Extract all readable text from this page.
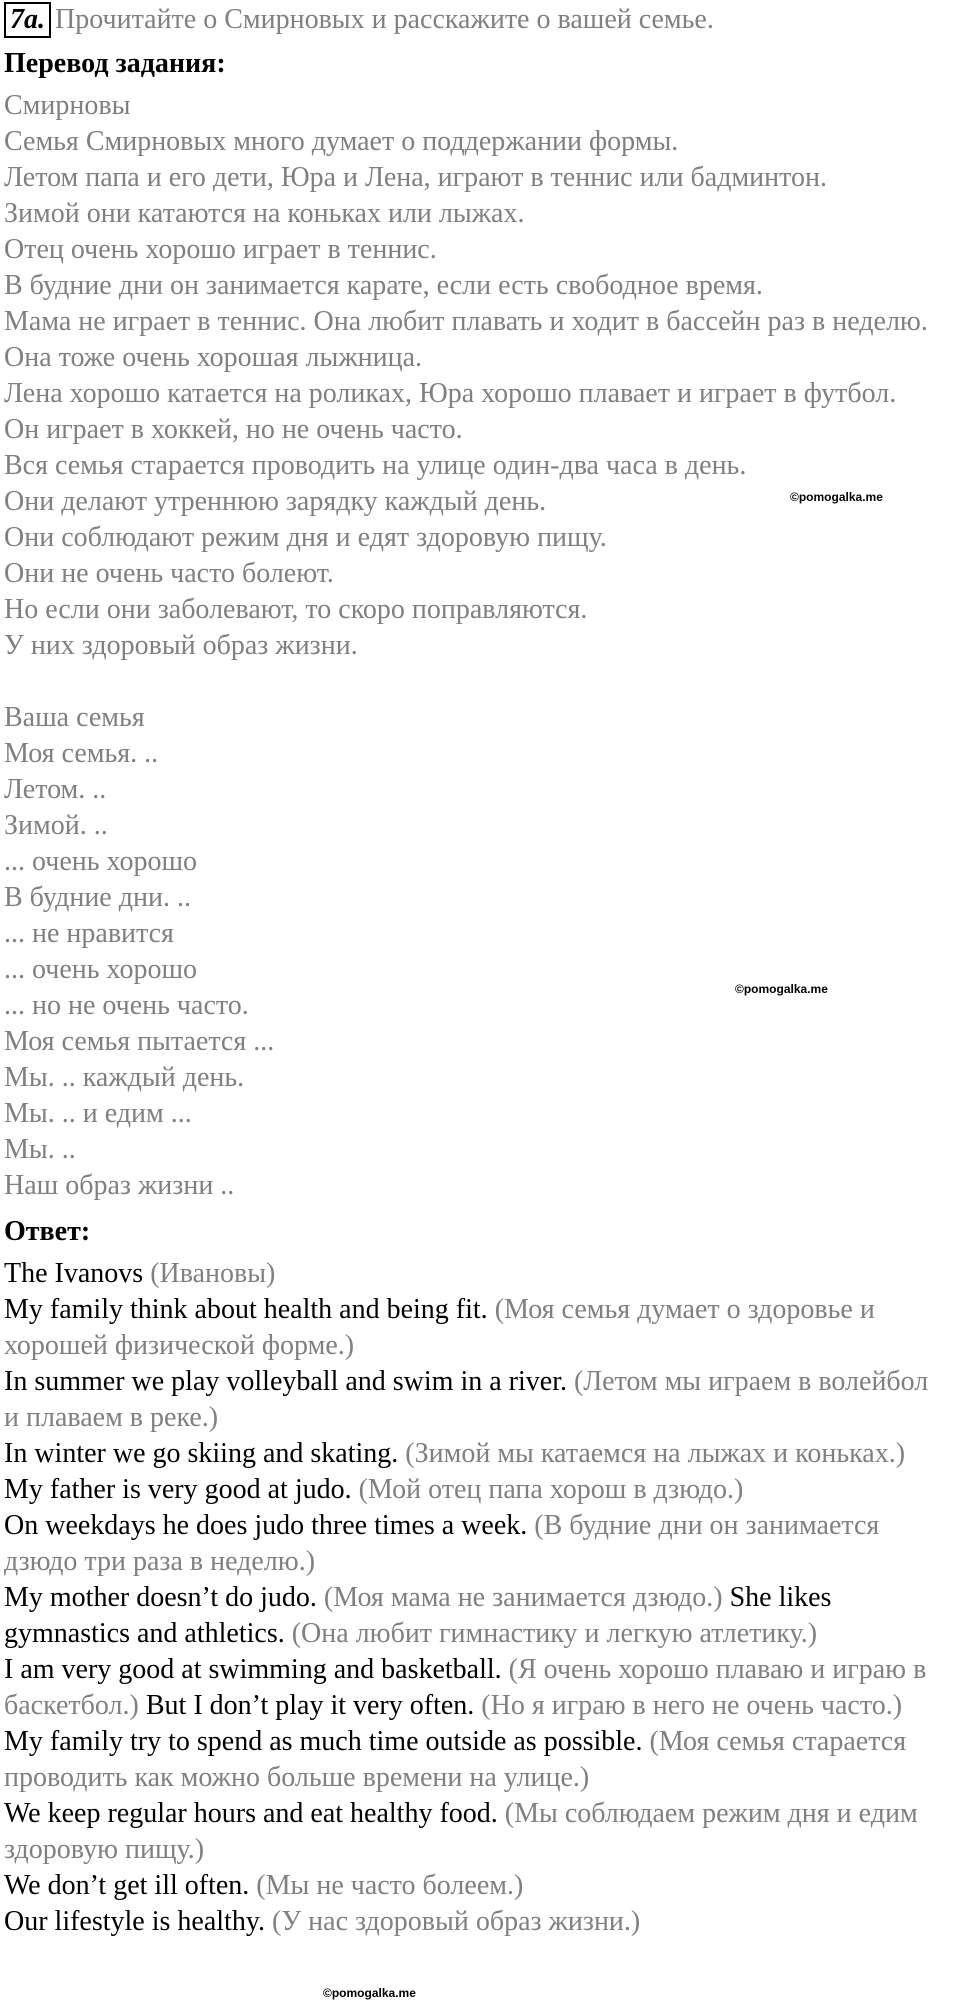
7a. Прочитайте о Смирновых и расскажите о вашей семье.
Перевод задания:
Смирновы
Семья Смирновых много думает о поддержании формы.
Летом папа и его дети, Юра и Лена, играют в теннис или бадминтон.
Зимой они катаются на коньках или лыжах.
Отец очень хорошо играет в теннис.
В будние дни он занимается карате, если есть свободное время.
Мама не играет в теннис. Она любит плавать и ходит в бассейн раз в неделю.
Она тоже очень хорошая лыжница.
Лена хорошо катается на роликах, Юра хорошо плавает и играет в футбол.
Он играет в хоккей, но не очень часто.
Вся семья старается проводить на улице один-два часа в день.
Они делают утреннюю зарядку каждый день.
Они соблюдают режим дня и едят здоровую пищу.
Они не очень часто болеют.
Но если они заболевают, то скоро поправляются.
У них здоровый образ жизни.
Ваша семья
Моя семья. ..
Летом. ..
Зимой. ..
... очень хорошо
В будние дни. ..
... не нравится
... очень хорошо
... но не очень часто.
Моя семья пытается ...
Мы. .. каждый день.
Мы. .. и едим ...
Мы. ..
Наш образ жизни ..
Ответ:
The Ivanovs (Ивановы)
My family think about health and being fit. (Моя семья думает о здоровье и
хорошей физической форме.)
In summer we play volleyball and swim in a river. (Летом мы играем в волейбол
и плаваем в реке.)
In winter we go skiing and skating. (Зимой мы катаемся на лыжах и коньках.)
My father is very good at judo. (Мой отец папа хорош в дзюдо.)
On weekdays he does judo three times a week. (В будние дни он занимается
дзюдо три раза в неделю.)
My mother doesn’t do judo. (Моя мама не занимается дзюдо.) She likes
gymnastics and athletics. (Она любит гимнастику и легкую атлетику.)
I am very good at swimming and basketball. (Я очень хорошо плаваю и играю в
баскетбол.) But I don’t play it very often. (Но я играю в него не очень часто.)
My family try to spend as much time outside as possible. (Моя семья старается
проводить как можно больше времени на улице.)
We keep regular hours and eat healthy food. (Мы соблюдаем режим дня и едим
здоровую пищу.)
We don’t get ill often. (Мы не часто болеем.)
Our lifestyle is healthy. (У нас здоровый образ жизни.)
©pomogalka.me
©pomogalka.me
©pomogalka.me
